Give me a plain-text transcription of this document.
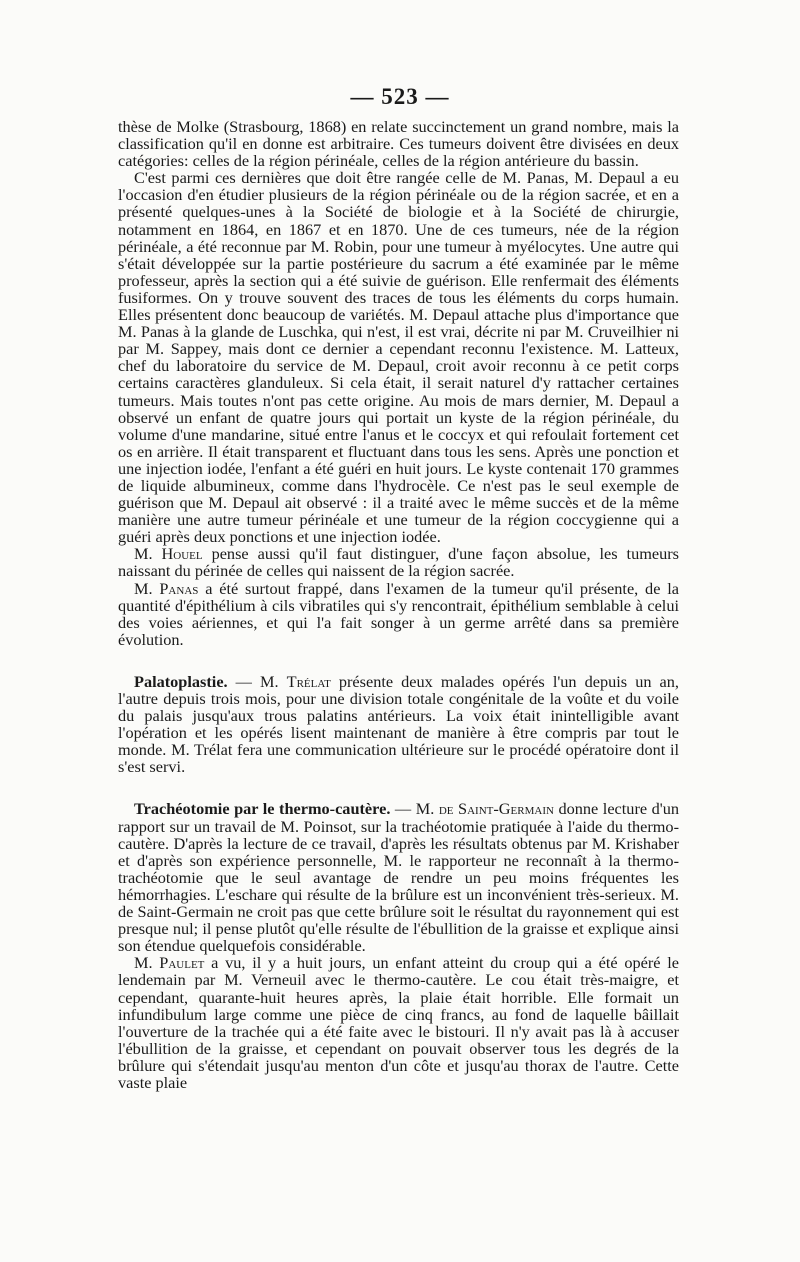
— 523 —

thèse de Molke (Strasbourg, 1868) en relate succinctement un grand nombre, mais la classification qu'il en donne est arbitraire. Ces tumeurs doivent être divisées en deux catégories: celles de la région périnéale, celles de la région antérieure du bassin.

C'est parmi ces dernières que doit être rangée celle de M. Panas, M. Depaul a eu l'occasion d'en étudier plusieurs de la région périnéale ou de la région sacrée, et en a présenté quelques-unes à la Société de biologie et à la Société de chirurgie, notamment en 1864, en 1867 et en 1870. Une de ces tumeurs, née de la région périnéale, a été reconnue par M. Robin, pour une tumeur à myélocytes. Une autre qui s'était développée sur la partie postérieure du sacrum a été examinée par le même professeur, après la section qui a été suivie de guérison. Elle renfermait des éléments fusiformes. On y trouve souvent des traces de tous les éléments du corps humain. Elles présentent donc beaucoup de variétés. M. Depaul attache plus d'importance que M. Panas à la glande de Luschka, qui n'est, il est vrai, décrite ni par M. Cruveilhier ni par M. Sappey, mais dont ce dernier a cependant reconnu l'existence. M. Latteux, chef du laboratoire du service de M. Depaul, croit avoir reconnu à ce petit corps certains caractères glanduleux. Si cela était, il serait naturel d'y rattacher certaines tumeurs. Mais toutes n'ont pas cette origine. Au mois de mars dernier, M. Depaul a observé un enfant de quatre jours qui portait un kyste de la région périnéale, du volume d'une mandarine, situé entre l'anus et le coccyx et qui refoulait fortement cet os en arrière. Il était transparent et fluctuant dans tous les sens. Après une ponction et une injection iodée, l'enfant a été guéri en huit jours. Le kyste contenait 170 grammes de liquide albumineux, comme dans l'hydrocèle. Ce n'est pas le seul exemple de guérison que M. Depaul ait observé : il a traité avec le même succès et de la même manière une autre tumeur périnéale et une tumeur de la région coccygienne qui a guéri après deux ponctions et une injection iodée.

M. Houel pense aussi qu'il faut distinguer, d'une façon absolue, les tumeurs naissant du périnée de celles qui naissent de la région sacrée.

M. Panas a été surtout frappé, dans l'examen de la tumeur qu'il présente, de la quantité d'épithélium à cils vibratiles qui s'y rencontrait, épithélium semblable à celui des voies aériennes, et qui l'a fait songer à un germe arrêté dans sa première évolution.

Palatoplastie. — M. Trélat présente deux malades opérés l'un depuis un an, l'autre depuis trois mois, pour une division totale congénitale de la voûte et du voile du palais jusqu'aux trous palatins antérieurs. La voix était inintelligible avant l'opération et les opérés lisent maintenant de manière à être compris par tout le monde. M. Trélat fera une communication ultérieure sur le procédé opératoire dont il s'est servi.

Trachéotomie par le thermo-cautère. — M. de Saint-Germain donne lecture d'un rapport sur un travail de M. Poinsot, sur la trachéotomie pratiquée à l'aide du thermo-cautère. D'après la lecture de ce travail, d'après les résultats obtenus par M. Krishaber et d'après son expérience personnelle, M. le rapporteur ne reconnaît à la thermo-trachéotomie que le seul avantage de rendre un peu moins fréquentes les hémorrhagies. L'eschare qui résulte de la brûlure est un inconvénient très-serieux. M. de Saint-Germain ne croit pas que cette brûlure soit le résultat du rayonnement qui est presque nul; il pense plutôt qu'elle résulte de l'ébullition de la graisse et explique ainsi son étendue quelquefois considérable.

M. Paulet a vu, il y a huit jours, un enfant atteint du croup qui a été opéré le lendemain par M. Verneuil avec le thermo-cautère. Le cou était très-maigre, et cependant, quarante-huit heures après, la plaie était horrible. Elle formait un infundibulum large comme une pièce de cinq francs, au fond de laquelle bâillait l'ouverture de la trachée qui a été faite avec le bistouri. Il n'y avait pas là à accuser l'ébullition de la graisse, et cependant on pouvait observer tous les degrés de la brûlure qui s'étendait jusqu'au menton d'un côte et jusqu'au thorax de l'autre. Cette vaste plaie
